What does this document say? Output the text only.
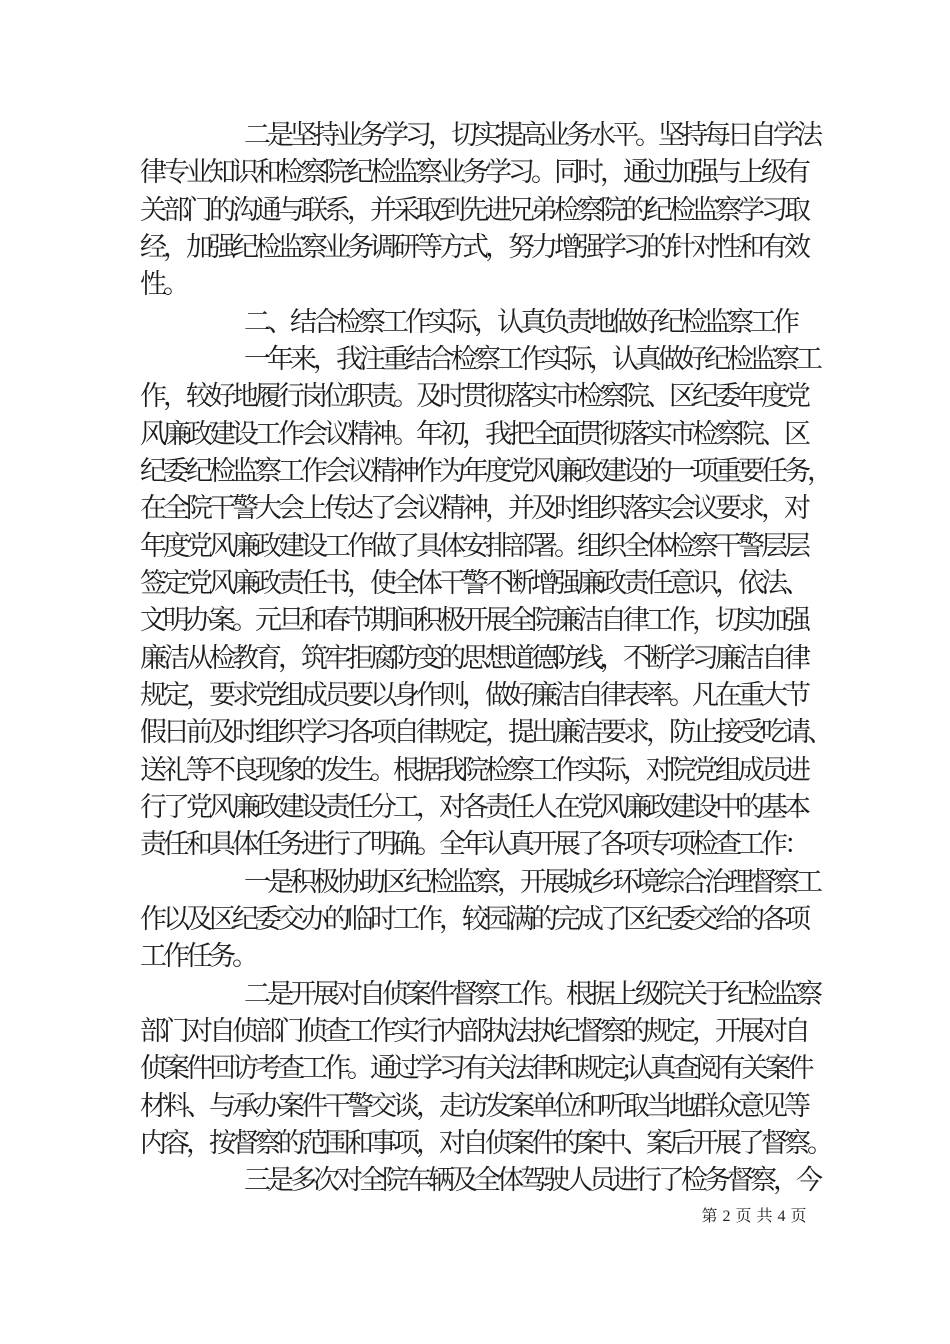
二是坚持业务学习，切实提高业务水平。坚持每日自学法
律专业知识和检察院纪检监察业务学习。同时，通过加强与上级有
关部门的沟通与联系，并采取到先进兄弟检察院的纪检监察学习取
经，加强纪检监察业务调研等方式，努力增强学习的针对性和有效
性。
二、结合检察工作实际，认真负责地做好纪检监察工作
一年来，我注重结合检察工作实际，认真做好纪检监察工
作，较好地履行岗位职责。及时贯彻落实市检察院、区纪委年度党
风廉政建设工作会议精神。年初，我把全面贯彻落实市检察院、区
纪委纪检监察工作会议精神作为年度党风廉政建设的一项重要任务，
在全院干警大会上传达了会议精神，并及时组织落实会议要求，对
年度党风廉政建设工作做了具体安排部署。组织全体检察干警层层
签定党风廉政责任书，使全体干警不断增强廉政责任意识，依法、
文明办案。元旦和春节期间积极开展全院廉洁自律工作，切实加强
廉洁从检教育，筑牢拒腐防变的思想道德防线，不断学习廉洁自律
规定，要求党组成员要以身作则，做好廉洁自律表率。凡在重大节
假日前及时组织学习各项自律规定，提出廉洁要求，防止接受吃请、
送礼等不良现象的发生。根据我院检察工作实际，对院党组成员进
行了党风廉政建设责任分工，对各责任人在党风廉政建设中的基本
责任和具体任务进行了明确。全年认真开展了各项专项检查工作：
一是积极协助区纪检监察，开展城乡环境综合治理督察工
作以及区纪委交办的临时工作，较园满的完成了区纪委交给的各项
工作任务。
二是开展对自侦案件督察工作。根据上级院关于纪检监察
部门对自侦部门侦查工作实行内部执法执纪督察的规定，开展对自
侦案件回访考查工作。通过学习有关法律和规定;认真查阅有关案件
材料、与承办案件干警交谈，走访发案单位和听取当地群众意见等
内容，按督察的范围和事项，对自侦案件的案中、案后开展了督察。
三是多次对全院车辆及全体驾驶人员进行了检务督察，今
第 2 页 共 4 页
